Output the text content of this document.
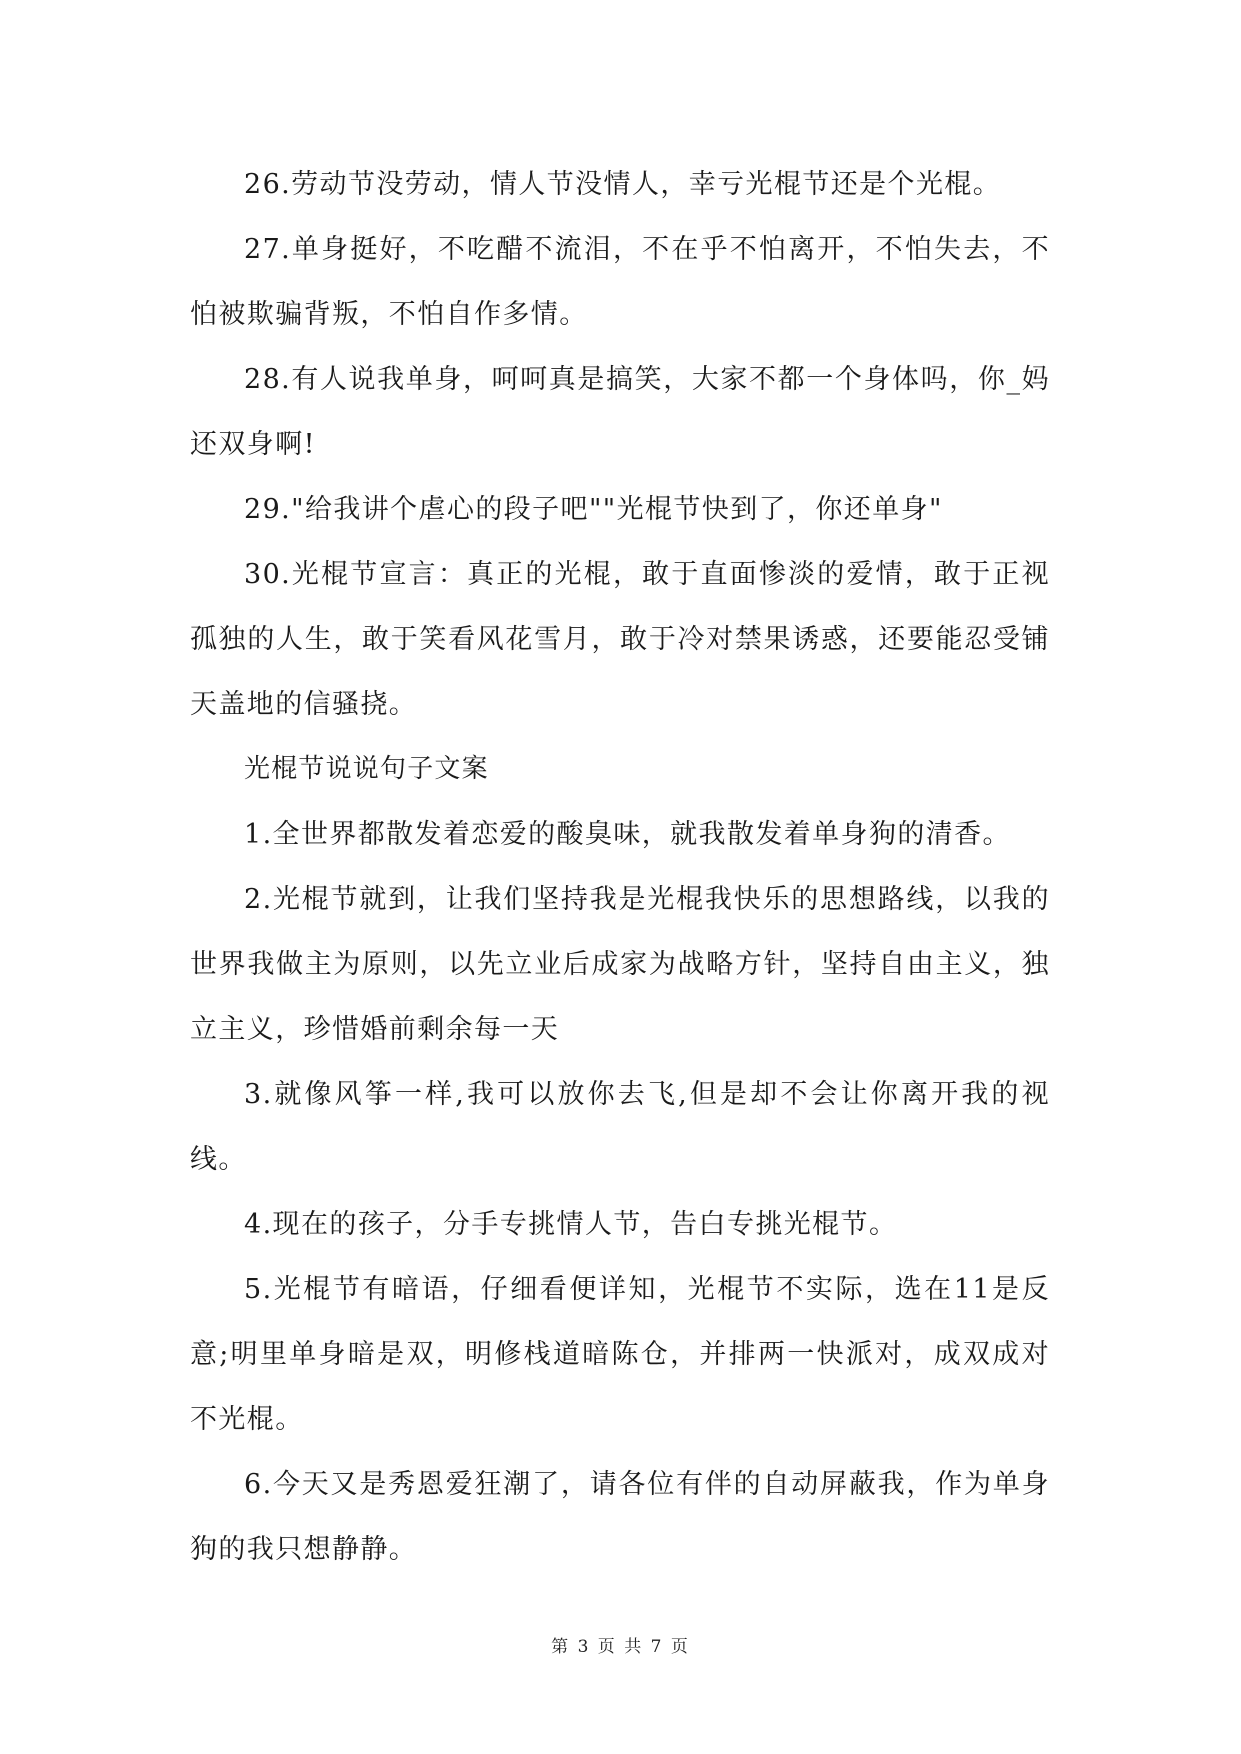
26.劳动节没劳动，情人节没情人，幸亏光棍节还是个光棍。

27.单身挺好，不吃醋不流泪，不在乎不怕离开，不怕失去，不怕被欺骗背叛，不怕自作多情。

28.有人说我单身，呵呵真是搞笑，大家不都一个身体吗，你_妈还双身啊!

29."给我讲个虐心的段子吧""光棍节快到了，你还单身"

30.光棍节宣言：真正的光棍，敢于直面惨淡的爱情，敢于正视孤独的人生，敢于笑看风花雪月，敢于冷对禁果诱惑，还要能忍受铺天盖地的信骚挠。

光棍节说说句子文案

1.全世界都散发着恋爱的酸臭味，就我散发着单身狗的清香。

2.光棍节就到，让我们坚持我是光棍我快乐的思想路线，以我的世界我做主为原则，以先立业后成家为战略方针，坚持自由主义，独立主义，珍惜婚前剩余每一天

3.就像风筝一样,我可以放你去飞,但是却不会让你离开我的视线。

4.现在的孩子，分手专挑情人节，告白专挑光棍节。

5.光棍节有暗语，仔细看便详知，光棍节不实际，选在11是反意;明里单身暗是双，明修栈道暗陈仓，并排两一快派对，成双成对不光棍。

6.今天又是秀恩爱狂潮了，请各位有伴的自动屏蔽我，作为单身狗的我只想静静。

第 3 页 共 7 页
